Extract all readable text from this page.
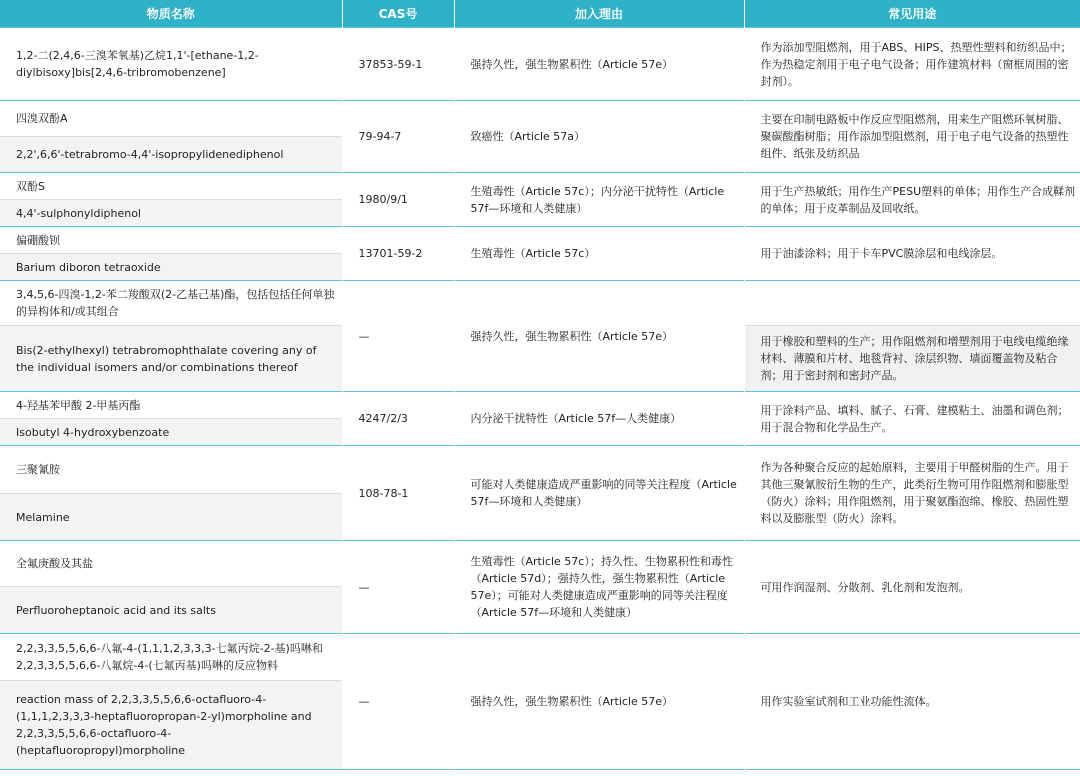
物质名称	CAS号	加入理由	常见用途
1,2-二(2,4,6-三溴苯氧基)乙烷1,1'-[ethane-1,2-diylbisoxy]bis[2,4,6-tribromobenzene]	37853-59-1	强持久性，强生物累积性（Article 57e）	作为添加型阻燃剂，用于ABS、HIPS、热塑性塑料和纺织品中；作为热稳定剂用于电子电气设备；用作建筑材料（窗框周围的密封剂）。
四溴双酚A	79-94-7	致癌性（Article 57a）	主要在印制电路板中作反应型阻燃剂，用来生产阻燃环氧树脂、聚碳酸酯树脂；用作添加型阻燃剂，用于电子电气设备的热塑性组件、纸张及纺织品
2,2',6,6'-tetrabromo-4,4'-isopropylidenediphenol			
双酚S	1980/9/1	生殖毒性（Article 57c）；内分泌干扰特性（Article 57f—环境和人类健康）	用于生产热敏纸；用作生产PESU塑料的单体；用作生产合成鞣剂的单体；用于皮革制品及回收纸。
4,4'-sulphonyldiphenol			
偏硼酸钡	13701-59-2	生殖毒性（Article 57c）	用于油漆涂料；用于卡车PVC膜涂层和电线涂层。
Barium diboron tetraoxide			
3,4,5,6-四溴-1,2-苯二羧酸双(2-乙基己基)酯，包括包括任何单独的异构体和/或其组合	—	强持久性，强生物累积性（Article 57e）	
Bis(2-ethylhexyl) tetrabromophthalate covering any of the individual isomers and/or combinations thereof			用于橡胶和塑料的生产；用作阻燃剂和增塑剂用于电线电缆绝缘材料、薄膜和片材、地毯背衬、涂层织物、墙面覆盖物及粘合剂；用于密封剂和密封产品。
4-羟基苯甲酸 2-甲基丙酯	4247/2/3	内分泌干扰特性（Article 57f—人类健康）	用于涂料产品、填料、腻子、石膏、建模粘土、油墨和调色剂；用于混合物和化学品生产。
Isobutyl 4-hydroxybenzoate			
三聚氰胺	108-78-1	可能对人类健康造成严重影响的同等关注程度（Article 57f—环境和人类健康）	作为各种聚合反应的起始原料，主要用于甲醛树脂的生产。用于其他三聚氰胺衍生物的生产，此类衍生物可用作阻燃剂和膨胀型（防火）涂料；用作阻燃剂，用于聚氨酯泡绵、橡胶、热固性塑料以及膨胀型（防火）涂料。
Melamine			
全氟庚酸及其盐	—	生殖毒性（Article 57c）；持久性、生物累积性和毒性（Article 57d）；强持久性，强生物累积性（Article 57e）；可能对人类健康造成严重影响的同等关注程度（Article 57f—环境和人类健康）	可用作润湿剂、分散剂、乳化剂和发泡剂。
Perfluoroheptanoic acid and its salts			
2,2,3,3,5,5,6,6-八氟-4-(1,1,1,2,3,3,3-七氟丙烷-2-基)吗啉和2,2,3,3,5,5,6,6-八氟烷-4-(七氟丙基)吗啉的反应物料	—	强持久性，强生物累积性（Article 57e）	用作实验室试剂和工业功能性流体。
reaction mass of 2,2,3,3,5,5,6,6-octafluoro-4-(1,1,1,2,3,3,3-heptafluoropropan-2-yl)morpholine and 2,2,3,3,5,5,6,6-octafluoro-4-(heptafluoropropyl)morpholine			
